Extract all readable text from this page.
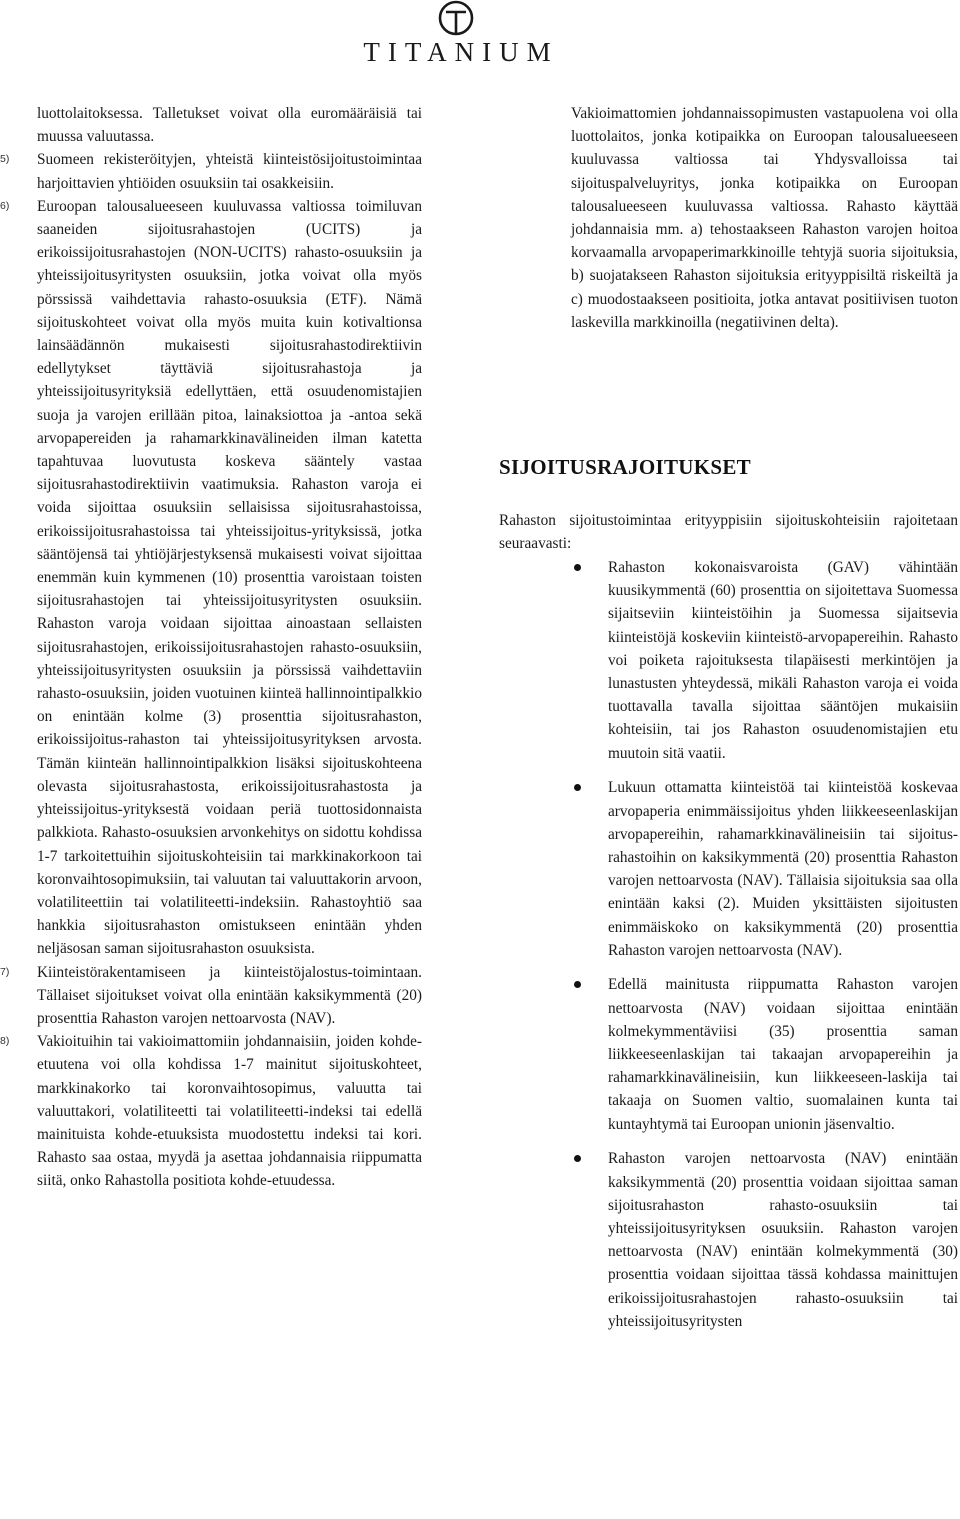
TITANIUM

luottolaitoksessa. Talletukset voivat olla euromääräisiä tai muussa valuutassa.

5)	Suomeen rekisteröityjen, yhteistä kiinteistösijoitustoimintaa harjoittavien yhtiöiden osuuksiin tai osakkeisiin.

6)	Euroopan talousalueeseen kuuluvassa valtiossa toimiluvan saaneiden sijoitusrahastojen (UCITS) ja erikoissijoitusrahastojen (NON-UCITS) rahasto-osuuksiin ja yhteissijoitusyritysten osuuksiin, jotka voivat olla myös pörssissä vaihdettavia rahasto-osuuksia (ETF). Nämä sijoituskohteet voivat olla myös muita kuin kotivaltionsa lainsäädännön mukaisesti sijoitusrahastodirektiivin edellytykset täyttäviä sijoitusrahastoja ja yhteissijoitusyrityksiä edellyttäen, että osuudenomistajien suoja ja varojen erillään pitoa, lainaksiottoa ja -antoa sekä arvopapereiden ja rahamarkkinavälineiden ilman katetta tapahtuvaa luovutusta koskeva sääntely vastaa sijoitusrahastodirektiivin vaatimuksia. Rahaston varoja ei voida sijoittaa osuuksiin sellaisissa sijoitusrahastoissa, erikoissijoitusrahastoissa tai yhteissijoitus-yrityksissä, jotka sääntöjensä tai yhtiöjärjestyksensä mukaisesti voivat sijoittaa enemmän kuin kymmenen (10) prosenttia varoistaan toisten sijoitusrahastojen tai yhteissijoitusyritysten osuuksiin. Rahaston varoja voidaan sijoittaa ainoastaan sellaisten sijoitusrahastojen, erikoissijoitusrahastojen rahasto-osuuksiin, yhteissijoitusyritysten osuuksiin ja pörssissä vaihdettaviin rahasto-osuuksiin, joiden vuotuinen kiinteä hallinnointipalkkio on enintään kolme (3) prosenttia sijoitusrahaston, erikoissijoitus-rahaston tai yhteissijoitusyrityksen arvosta. Tämän kiinteän hallinnointipalkkion lisäksi sijoituskohteena olevasta sijoitusrahastosta, erikoissijoitusrahastosta ja yhteissijoitus-yrityksestä voidaan periä tuottosidonnaista palkkiota. Rahasto-osuuksien arvonkehitys on sidottu kohdissa 1-7 tarkoitettuihin sijoituskohteisiin tai markkinakorkoon tai koronvaihtosopimuksiin, tai valuutan tai valuuttakorin arvoon, volatiliteettiin tai volatiliteetti-indeksiin. Rahastoyhtiö saa hankkia sijoitusrahaston omistukseen enintään yhden neljäsosan saman sijoitusrahaston osuuksista.

7)	Kiinteistörakentamiseen ja kiinteistöjalostus-toimintaan. Tällaiset sijoitukset voivat olla enintään kaksikymmentä (20) prosenttia Rahaston varojen nettoarvosta (NAV).

8)	Vakioituihin tai vakioimattomiin johdannaisiin, joiden kohde-etuutena voi olla kohdissa 1-7 mainitut sijoituskohteet, markkinakorko tai koronvaihtosopimus, valuutta tai valuuttakori, volatiliteetti tai volatiliteetti-indeksi tai edellä mainituista kohde-etuuksista muodostettu indeksi tai kori. Rahasto saa ostaa, myydä ja asettaa johdannaisia riippumatta siitä, onko Rahastolla positiota kohde-etuudessa.

Vakioimattomien johdannaissopimusten vastapuolena voi olla luottolaitos, jonka kotipaikka on Euroopan talousalueeseen kuuluvassa valtiossa tai Yhdysvalloissa tai sijoituspalveluyritys, jonka kotipaikka on Euroopan talousalueeseen kuuluvassa valtiossa. Rahasto käyttää johdannaisia mm. a) tehostaakseen Rahaston varojen hoitoa korvaamalla arvopaperimarkkinoille tehtyjä suoria sijoituksia, b) suojatakseen Rahaston sijoituksia erityyppisiltä riskeiltä ja c) muodostaakseen positioita, jotka antavat positiivisen tuoton laskevilla markkinoilla (negatiivinen delta).

SIJOITUSRAJOITUKSET

Rahaston sijoitustoimintaa erityyppisiin sijoituskohteisiin rajoitetaan seuraavasti:

Rahaston kokonaisvaroista (GAV) vähintään kuusikymmentä (60) prosenttia on sijoitettava Suomessa sijaitseviin kiinteistöihin ja Suomessa sijaitsevia kiinteistöjä koskeviin kiinteistö-arvopapereihin. Rahasto voi poiketa rajoituksesta tilapäisesti merkintöjen ja lunastusten yhteydessä, mikäli Rahaston varoja ei voida tuottavalla tavalla sijoittaa sääntöjen mukaisiin kohteisiin, tai jos Rahaston osuudenomistajien etu muutoin sitä vaatii.
Lukuun ottamatta kiinteistöä tai kiinteistöä koskevaa arvopaperia enimmäissijoitus yhden liikkeeseenlaskijan arvopapereihin, rahamarkkinavälineisiin tai sijoitus-rahastoihin on kaksikymmentä (20) prosenttia Rahaston varojen nettoarvosta (NAV). Tällaisia sijoituksia saa olla enintään kaksi (2). Muiden yksittäisten sijoitusten enimmäiskoko on kaksikymmentä (20) prosenttia Rahaston varojen nettoarvosta (NAV).
Edellä mainitusta riippumatta Rahaston varojen nettoarvosta (NAV) voidaan sijoittaa enintään kolmekymmentäviisi (35) prosenttia saman liikkeeseenlaskijan tai takaajan arvopapereihin ja rahamarkkinavälineisiin, kun liikkeeseen-laskija tai takaaja on Suomen valtio, suomalainen kunta tai kuntayhtymä tai Euroopan unionin jäsenvaltio.
Rahaston varojen nettoarvosta (NAV) enintään kaksikymmentä (20) prosenttia voidaan sijoittaa saman sijoitusrahaston rahasto-osuuksiin tai yhteissijoitusyrityksen osuuksiin. Rahaston varojen nettoarvosta (NAV) enintään kolmekymmentä (30) prosenttia voidaan sijoittaa tässä kohdassa mainittujen erikoissijoitusrahastojen rahasto-osuuksiin tai yhteissijoitusyritysten
